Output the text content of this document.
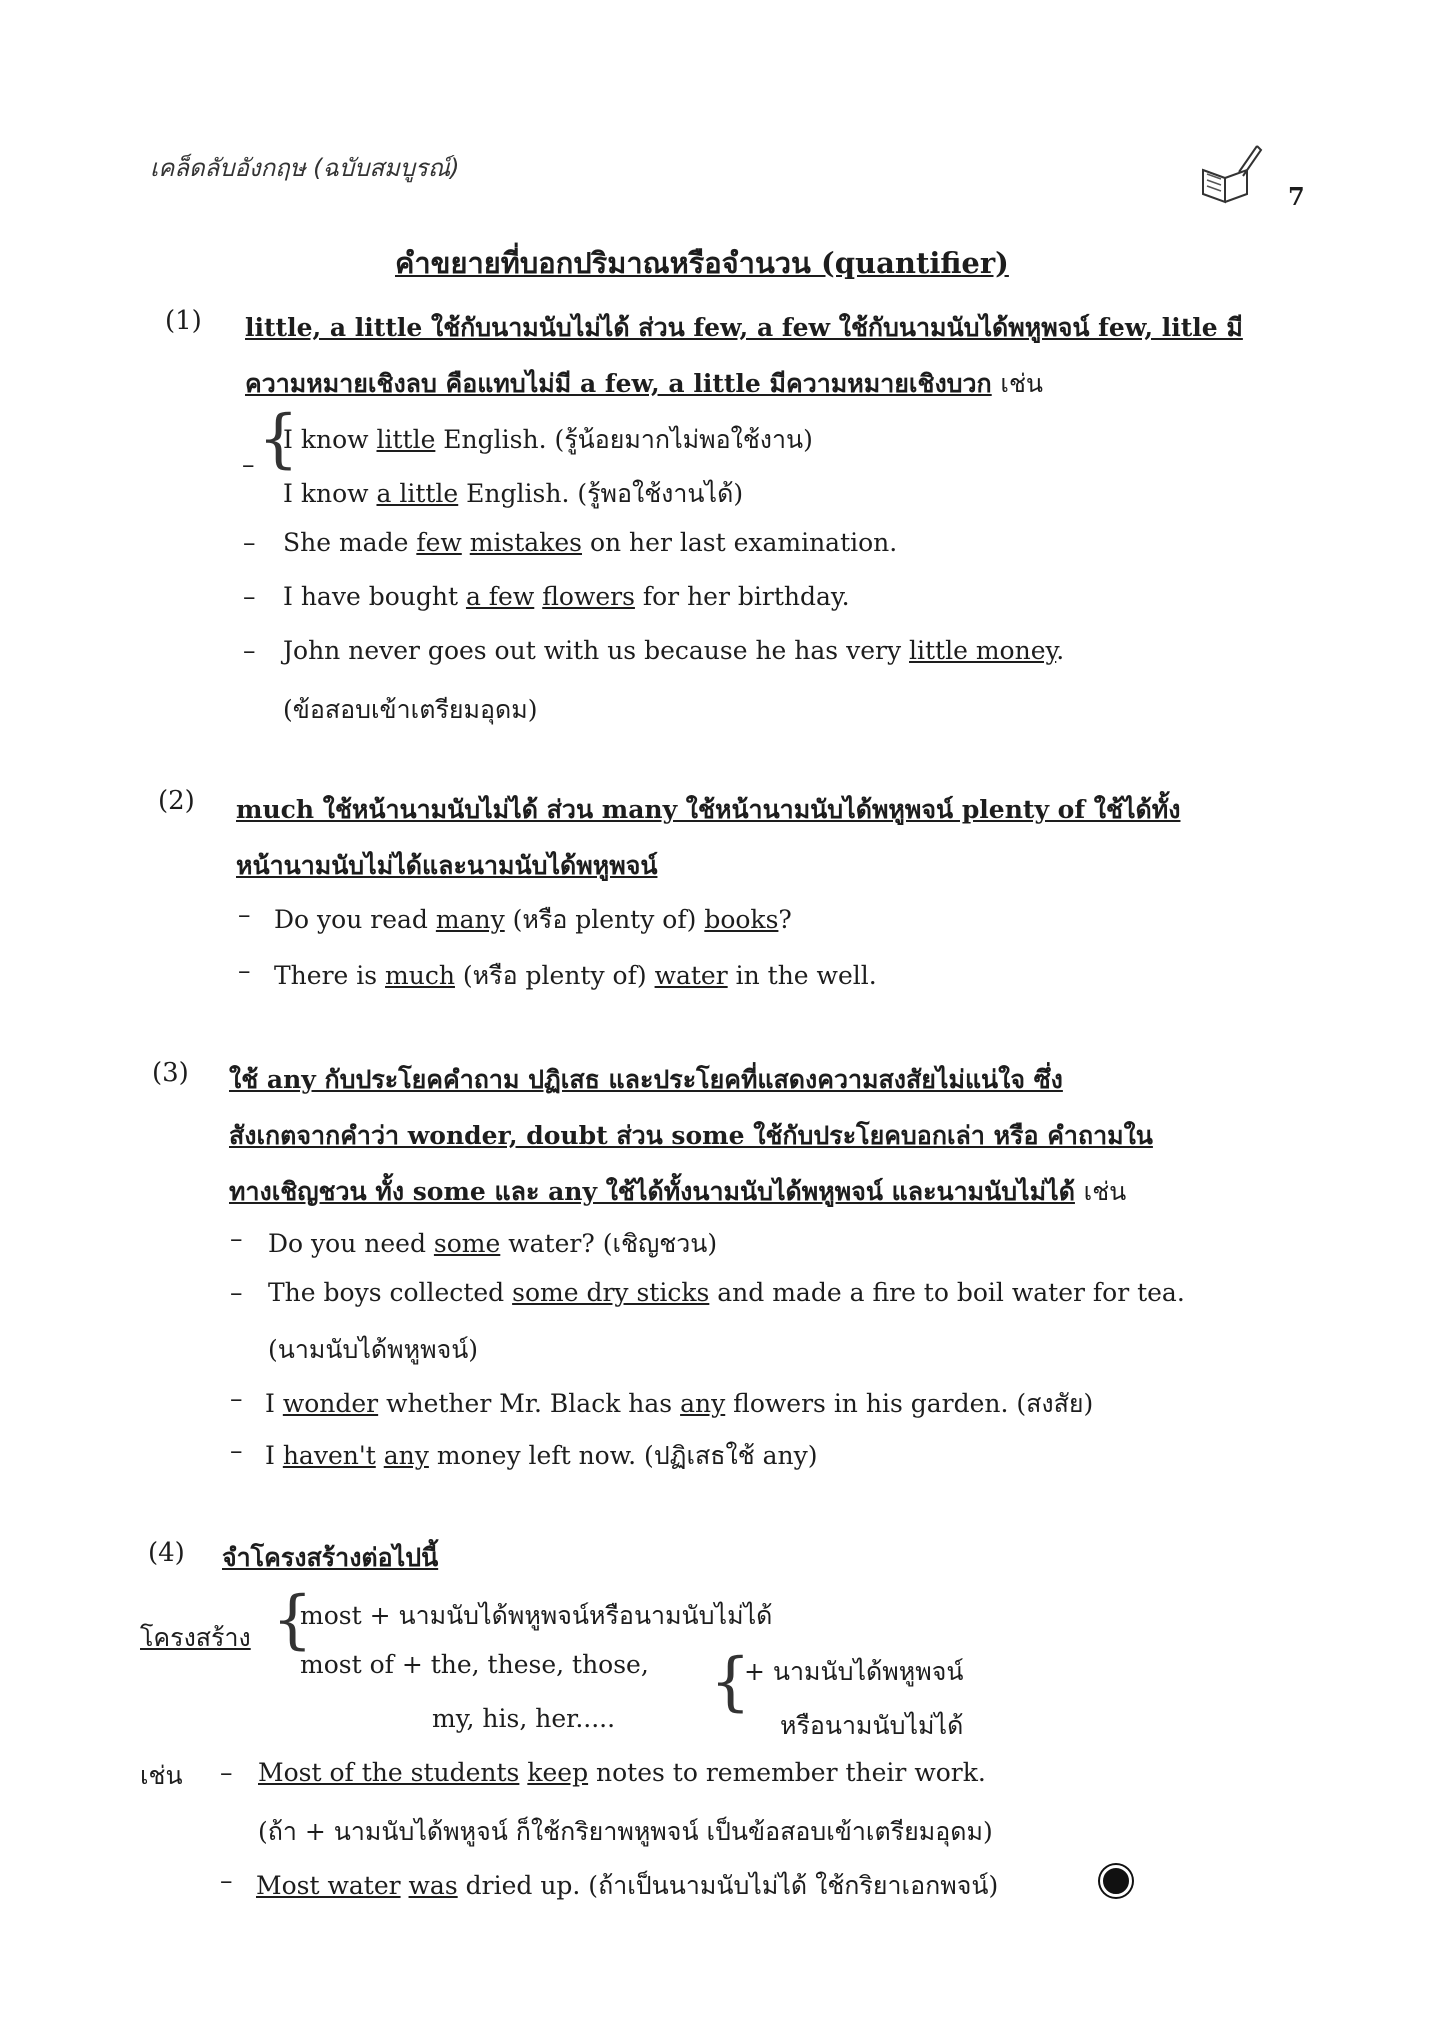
เคล็ดลับอังกฤษ (ฉบับสมบูรณ์)
7
คำขยายที่บอกปริมาณหรือจำนวน (quantifier)
(1) little, a little ใช้กับนามนับไม่ได้ ส่วน few, a few ใช้กับนามนับได้พหูพจน์ few, litle มี
ความหมายเชิงลบ คือแทบไม่มี a few, a little มีความหมายเชิงบวก เช่น
{
–
I know little English. (รู้น้อยมากไม่พอใช้งาน)
I know a little English. (รู้พอใช้งานได้)
– She made few mistakes on her last examination.
– I have bought a few flowers for her birthday.
– John never goes out with us because he has very little money.
(ข้อสอบเข้าเตรียมอุดม)
(2) much ใช้หน้านามนับไม่ได้ ส่วน many ใช้หน้านามนับได้พหูพจน์ plenty of ใช้ได้ทั้ง
หน้านามนับไม่ได้และนามนับได้พหูพจน์
– Do you read many (หรือ plenty of) books?
– There is much (หรือ plenty of) water in the well.
(3) ใช้ any กับประโยคคำถาม ปฏิเสธ และประโยคที่แสดงความสงสัยไม่แน่ใจ ซึ่ง
สังเกตจากคำว่า wonder, doubt ส่วน some ใช้กับประโยคบอกเล่า หรือ คำถามใน
ทางเชิญชวน ทั้ง some และ any ใช้ได้ทั้งนามนับได้พหูพจน์ และนามนับไม่ได้ เช่น
– Do you need some water? (เชิญชวน)
– The boys collected some dry sticks and made a fire to boil water for tea.
(นามนับได้พหูพจน์)
– I wonder whether Mr. Black has any flowers in his garden. (สงสัย)
– I haven't any money left now. (ปฏิเสธใช้ any)
(4) จำโครงสร้างต่อไปนี้
โครงสร้าง {
most + นามนับได้พหูพจน์หรือนามนับไม่ได้
most of + the, these, those,
my, his, her..... {
+ นามนับได้พหูพจน์
หรือนามนับไม่ได้
เช่น – Most of the students keep notes to remember their work.
(ถ้า + นามนับได้พหูจน์ ก็ใช้กริยาพหูพจน์ เป็นข้อสอบเข้าเตรียมอุดม)
– Most water was dried up. (ถ้าเป็นนามนับไม่ได้ ใช้กริยาเอกพจน์)
